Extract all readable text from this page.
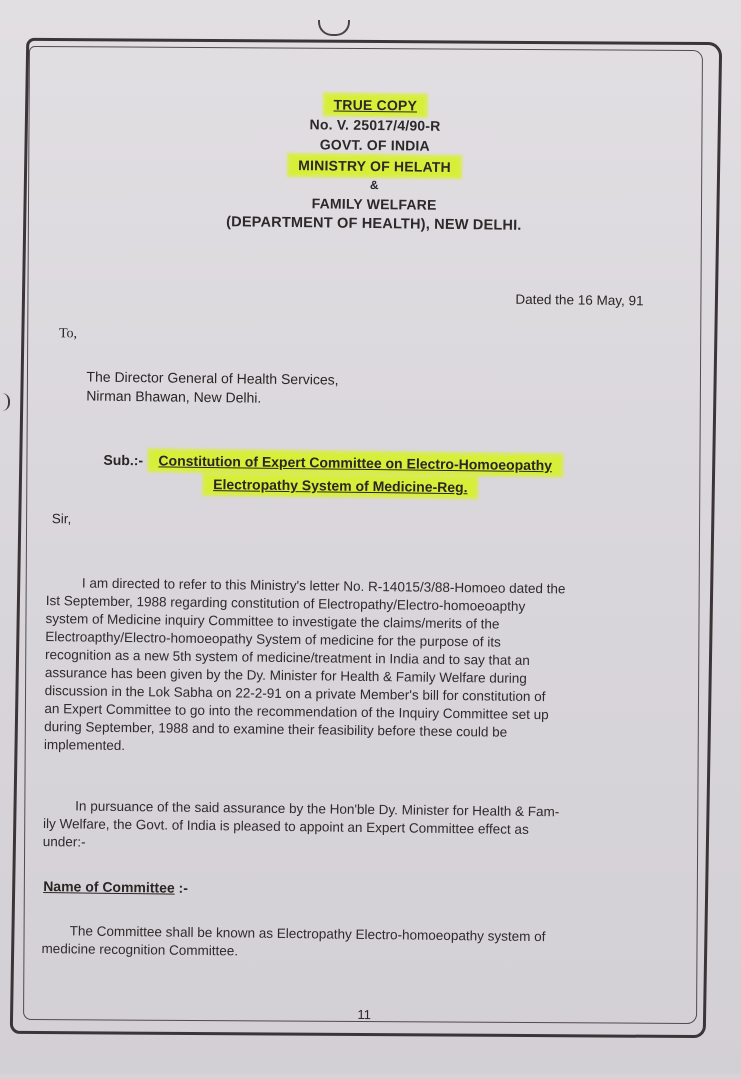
TRUE COPY
No. V. 25017/4/90-R
GOVT. OF INDIA
MINISTRY OF HELATH
&
FAMILY WELFARE
(DEPARTMENT OF HEALTH), NEW DELHI.
Dated the 16 May, 91
To,
The Director General of Health Services,
Nirman Bhawan, New Delhi.
Sub.:-	Constitution of Expert Committee on Electro-Homoeopathy
Electropathy System of Medicine-Reg.
Sir,

I am directed to refer to this Ministry's letter No. R-14015/3/88-Homoeo dated the

Ist September, 1988 regarding constitution of Electropathy/Electro-homoeoapthy

system of Medicine inquiry Committee to investigate the claims/merits of the

Electroapthy/Electro-homoeopathy System of medicine for the purpose of its

recognition as a new 5th system of medicine/treatment in India and to say that an

assurance has been given by the Dy. Minister for Health & Family Welfare during

discussion in the Lok Sabha on 22-2-91 on a private Member's bill for constitution of

an Expert Committee to go into the recommendation of the Inquiry Committee set up

during September, 1988 and to examine their feasibility before these could be

implemented.

In pursuance of the said assurance by the Hon'ble Dy. Minister for Health & Fam-

ily Welfare, the Govt. of India is pleased to appoint an Expert Committee effect as

under:-

Name of Committee :-

The Committee shall be known as Electropathy Electro-homoeopathy system of

medicine recognition Committee.

11
